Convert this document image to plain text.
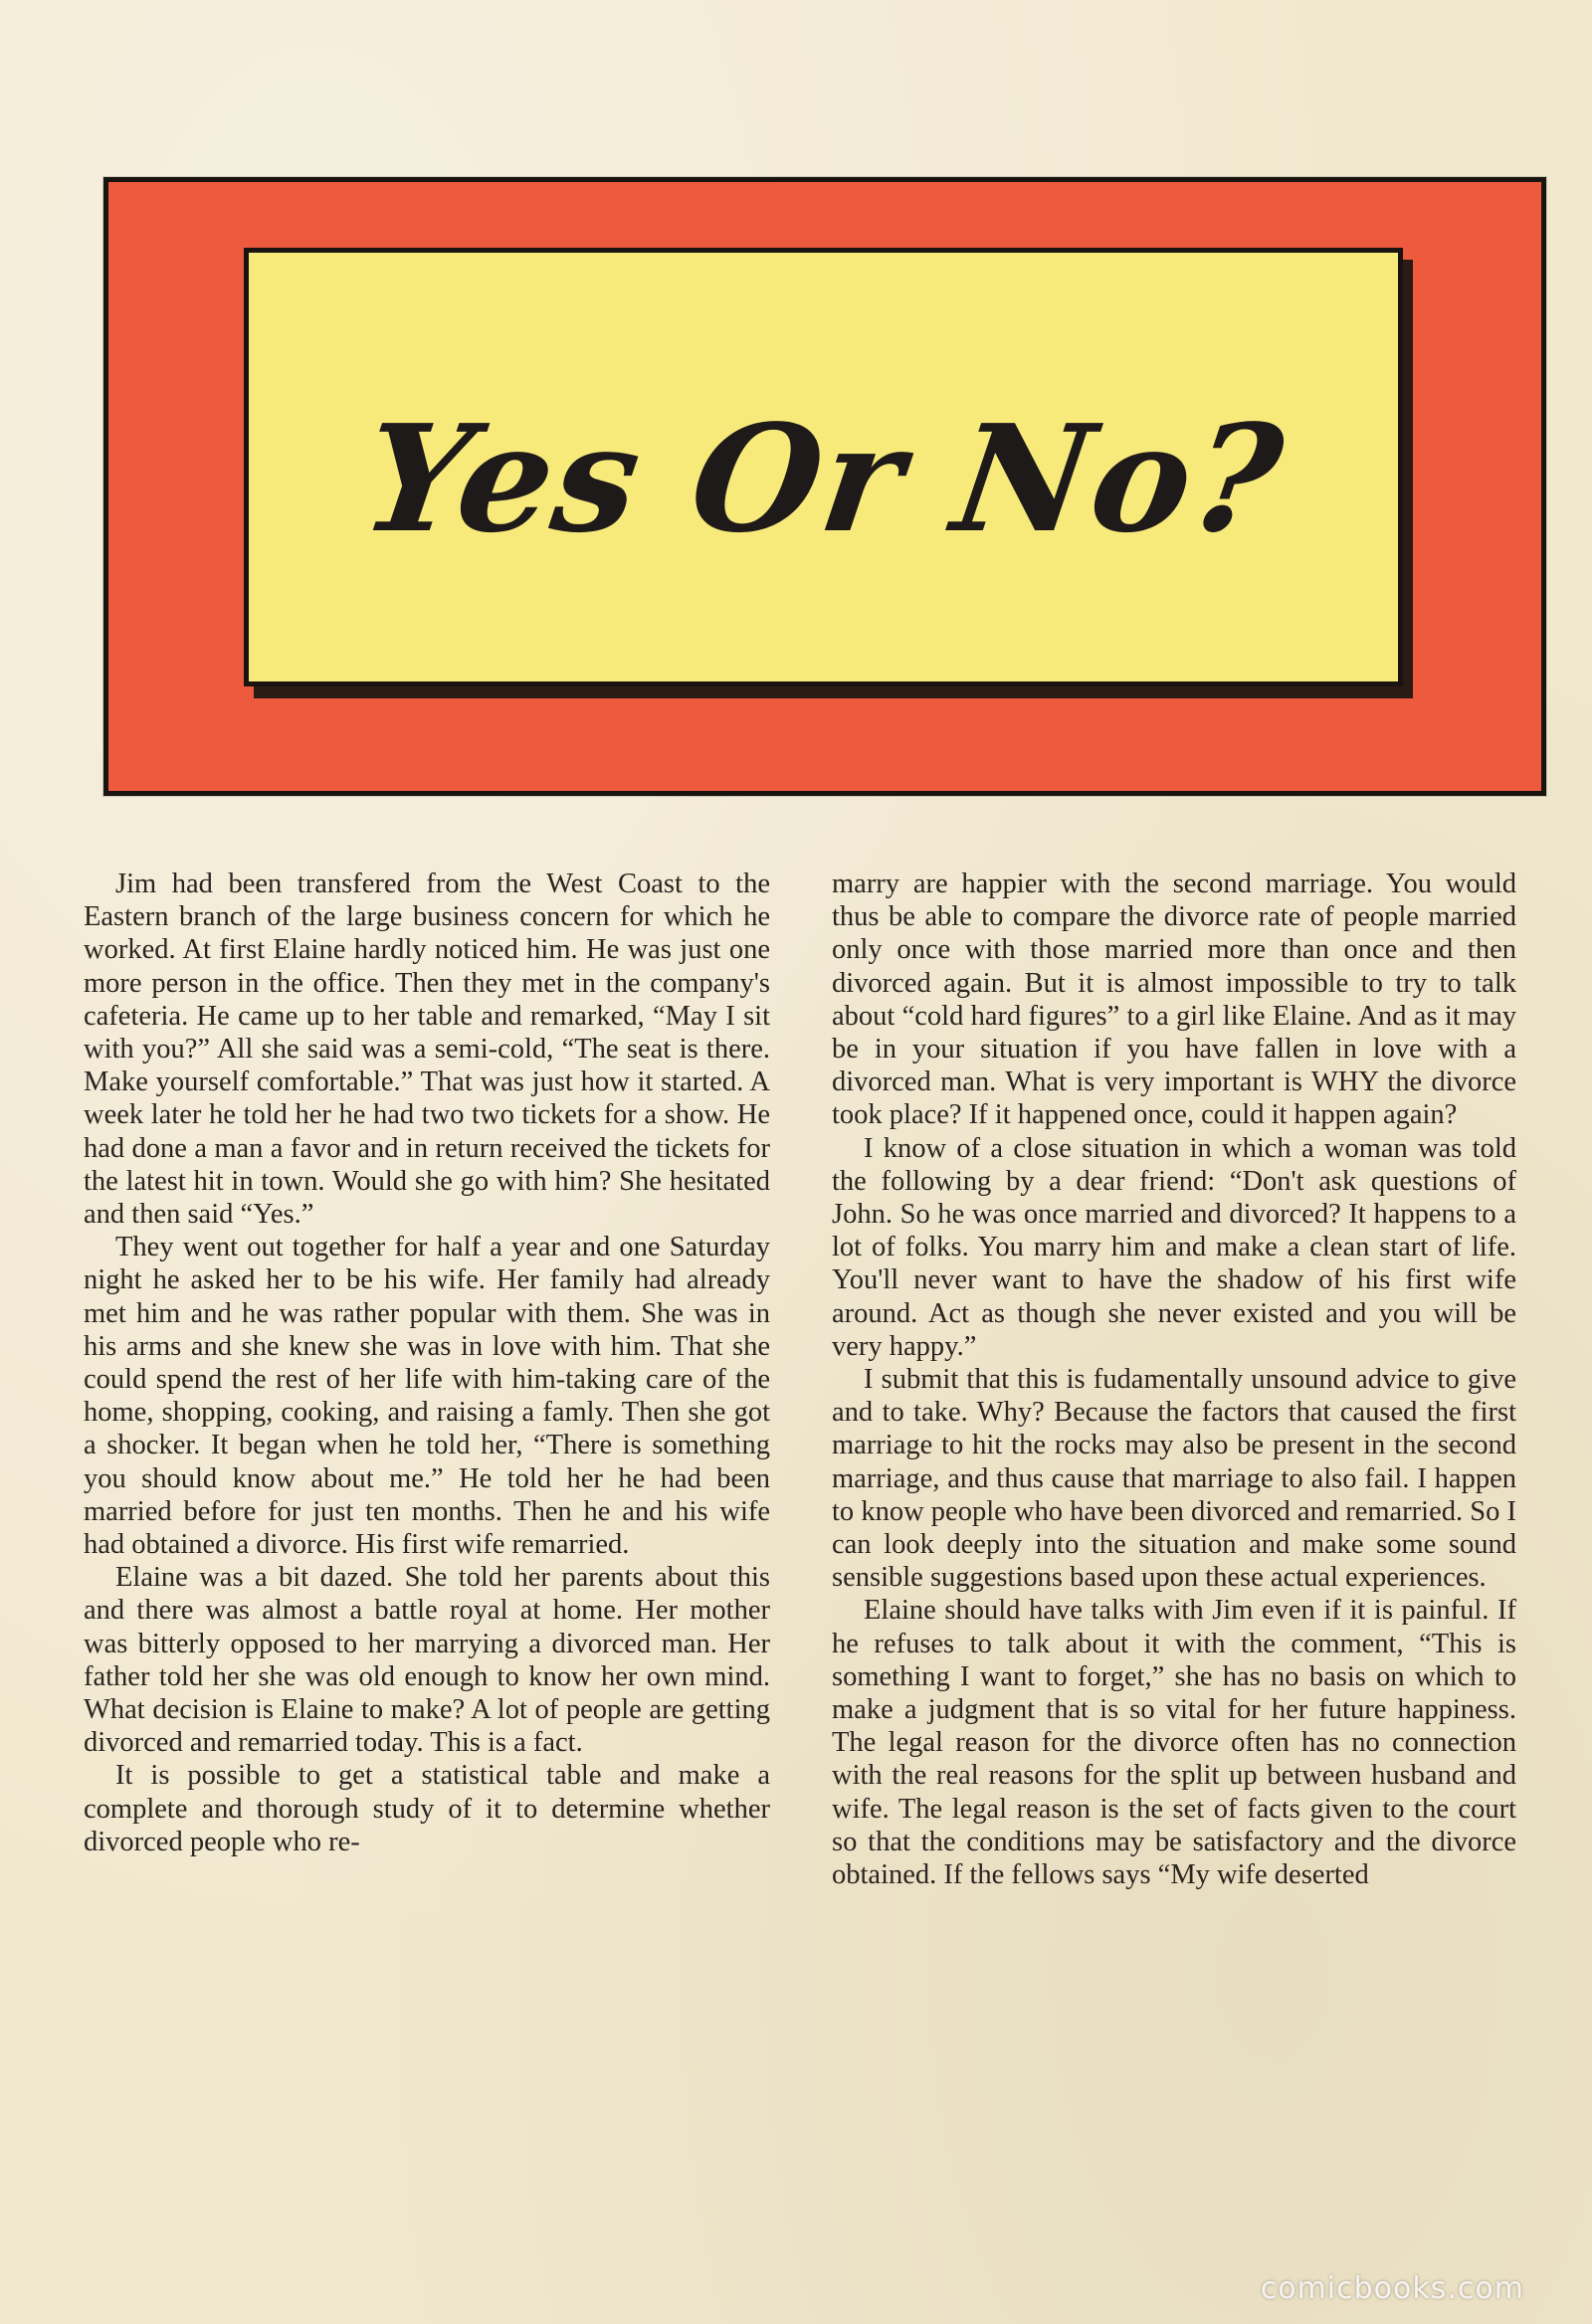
Yes Or No?

Jim had been transfered from the West Coast to the Eastern branch of the large business concern for which he worked. At first Elaine hardly noticed him. He was just one more person in the office. Then they met in the company's cafeteria. He came up to her table and remarked, “May I sit with you?” All she said was a semi-cold, “The seat is there. Make yourself comfortable.” That was just how it started. A week later he told her he had two two tickets for a show. He had done a man a favor and in return received the tickets for the latest hit in town. Would she go with him? She hesitated and then said “Yes.”

They went out together for half a year and one Saturday night he asked her to be his wife. Her family had already met him and he was rather popular with them. She was in his arms and she knew she was in love with him. That she could spend the rest of her life with him-taking care of the home, shopping, cooking, and raising a famly. Then she got a shocker. It began when he told her, “There is something you should know about me.” He told her he had been married before for just ten months. Then he and his wife had obtained a divorce. His first wife remarried.

Elaine was a bit dazed. She told her parents about this and there was almost a battle royal at home. Her mother was bitterly opposed to her marrying a divorced man. Her father told her she was old enough to know her own mind. What decision is Elaine to make? A lot of people are getting divorced and remarried today. This is a fact.

It is possible to get a statistical table and make a complete and thorough study of it to determine whether divorced people who re-

marry are happier with the second marriage. You would thus be able to compare the divorce rate of people married only once with those married more than once and then divorced again. But it is almost impossible to try to talk about “cold hard figures” to a girl like Elaine. And as it may be in your situation if you have fallen in love with a divorced man. What is very important is WHY the divorce took place? If it happened once, could it happen again?

I know of a close situation in which a woman was told the following by a dear friend: “Don't ask questions of John. So he was once married and divorced? It happens to a lot of folks. You marry him and make a clean start of life. You'll never want to have the shadow of his first wife around. Act as though she never existed and you will be very happy.”

I submit that this is fudamentally unsound advice to give and to take. Why? Because the factors that caused the first marriage to hit the rocks may also be present in the second marriage, and thus cause that marriage to also fail. I happen to know people who have been divorced and remarried. So I can look deeply into the situation and make some sound sensible suggestions based upon these actual experiences.

Elaine should have talks with Jim even if it is painful. If he refuses to talk about it with the comment, “This is something I want to forget,” she has no basis on which to make a judgment that is so vital for her future happiness. The legal reason for the divorce often has no connection with the real reasons for the split up between husband and wife. The legal reason is the set of facts given to the court so that the conditions may be satisfactory and the divorce obtained. If the fellows says “My wife deserted

comicbooks.com
